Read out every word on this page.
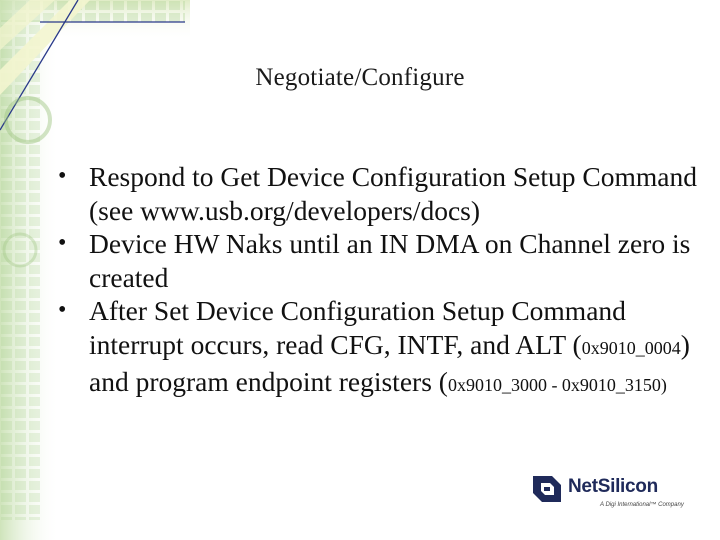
Negotiate/Configure
• Respond to Get Device Configuration Setup Command (see www.usb.org/developers/docs)
• Device HW Naks until an IN DMA on Channel zero is created
• After Set Device Configuration Setup Command interrupt occurs, read CFG, INTF, and ALT (0x9010_0004) and program endpoint registers (0x9010_3000 - 0x9010_3150)
NetSilicon
A Digi International™ Company
